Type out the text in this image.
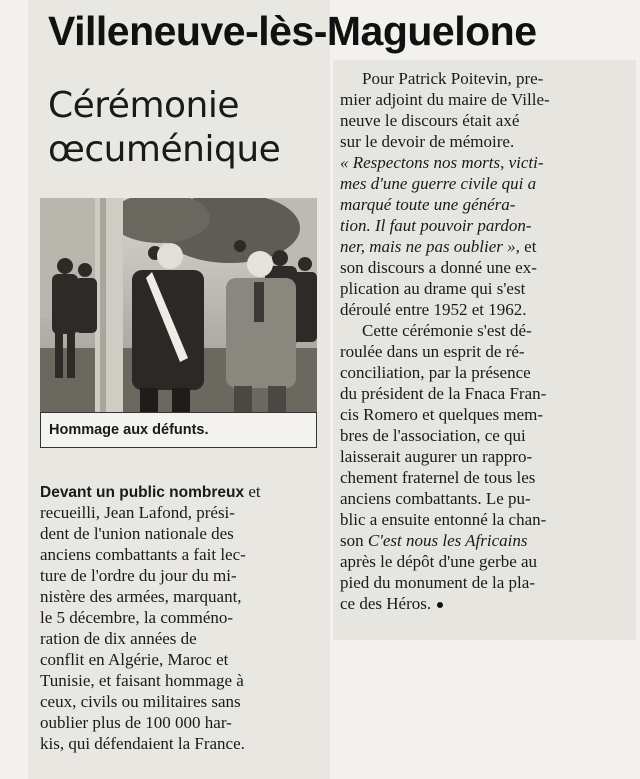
Villeneuve-lès-Maguelone
Cérémonie
œcuménique
Hommage aux défunts.
Devant un public nombreux et
recueilli, Jean Lafond, prési-
dent de l'union nationale des
anciens combattants a fait lec-
ture de l'ordre du jour du mi-
nistère des armées, marquant,
le 5 décembre, la comméno-
ration de dix années de
conflit en Algérie, Maroc et
Tunisie, et faisant hommage à
ceux, civils ou militaires sans
oublier plus de 100 000 har-
kis, qui défendaient la France.
Pour Patrick Poitevin, pre-
mier adjoint du maire de Ville-
neuve le discours était axé
sur le devoir de mémoire.
« Respectons nos morts, victi-
mes d'une guerre civile qui a
marqué toute une généra-
tion. Il faut pouvoir pardon-
ner, mais ne pas oublier », et
son discours a donné une ex-
plication au drame qui s'est
déroulé entre 1952 et 1962.
Cette cérémonie s'est dé-
roulée dans un esprit de ré-
conciliation, par la présence
du président de la Fnaca Fran-
cis Romero et quelques mem-
bres de l'association, ce qui
laisserait augurer un rappro-
chement fraternel de tous les
anciens combattants. Le pu-
blic a ensuite entonné la chan-
son C'est nous les Africains
après le dépôt d'une gerbe au
pied du monument de la pla-
ce des Héros.
